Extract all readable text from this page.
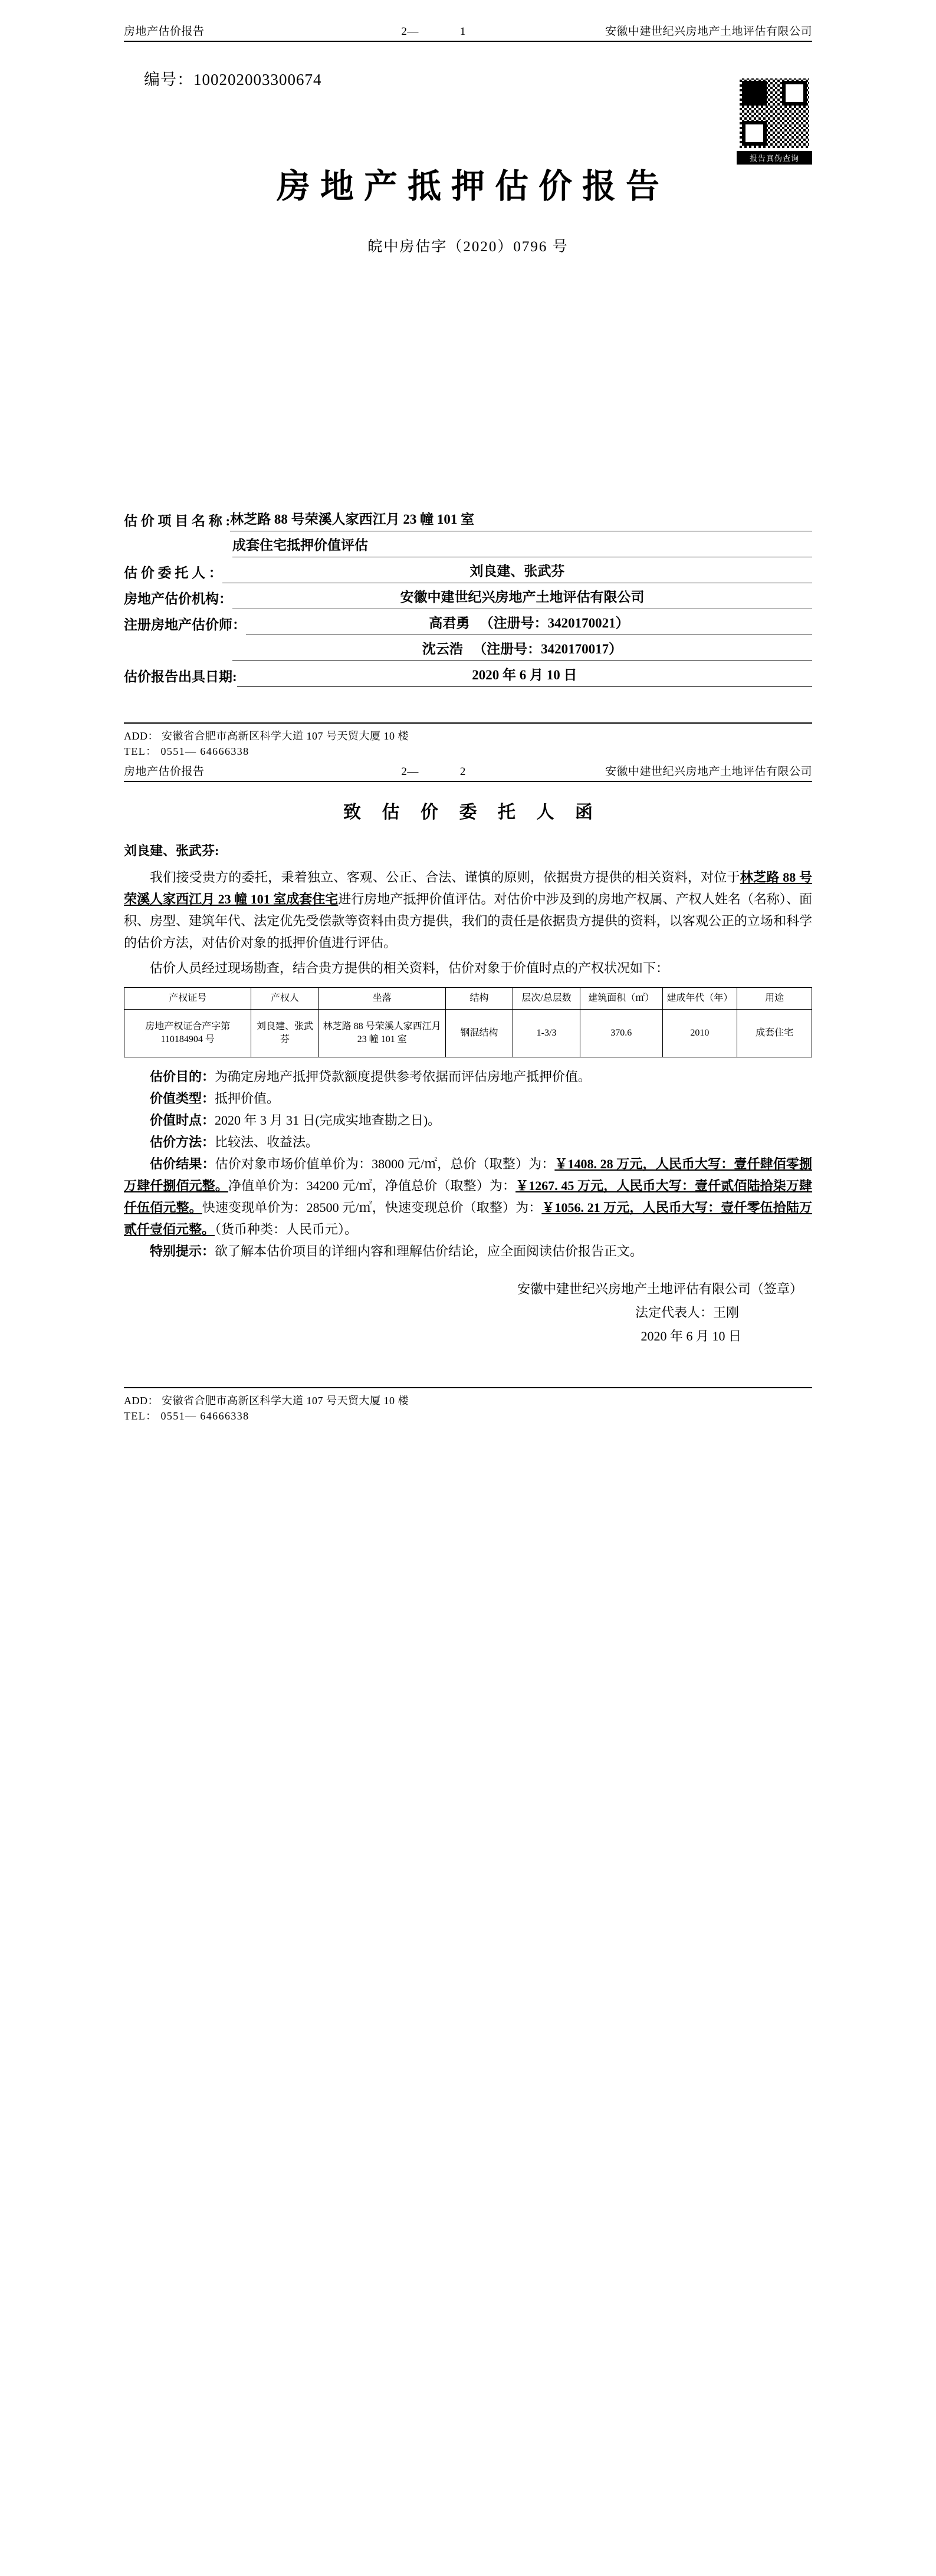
房地产估价报告	2—	1	安徽中建世纪兴房地产土地评估有限公司
编号：100202003300674
报告真伪查询
房地产抵押估价报告
皖中房估字（2020）0796 号
估 价 项 目 名 称 : 林芝路 88 号荣溪人家西江月 23 幢 101 室
成套住宅抵押价值评估
估 价 委 托 人 ：	刘良建、张武芬
房地产估价机构：	安徽中建世纪兴房地产土地评估有限公司
注册房地产估价师：	高君勇 　（注册号：3420170021）
沈云浩 　（注册号：3420170017）
估价报告出具日期:	2020 年 6 月 10 日
ADD： 安徽省合肥市高新区科学大道 107 号天贸大厦 10 楼
TEL： 0551— 64666338
房地产估价报告	2—	2	安徽中建世纪兴房地产土地评估有限公司
致 估 价 委 托 人 函
刘良建、张武芬:

我们接受贵方的委托，秉着独立、客观、公正、合法、谨慎的原则，依据贵方提供的相关资料，对位于林芝路 88 号荣溪人家西江月 23 幢 101 室成套住宅进行房地产抵押价值评估。对估价中涉及到的房地产权属、产权人姓名（名称）、面积、房型、建筑年代、法定优先受偿款等资料由贵方提供，我们的责任是依据贵方提供的资料，以客观公正的立场和科学的估价方法，对估价对象的抵押价值进行评估。

估价人员经过现场勘查，结合贵方提供的相关资料，估价对象于价值时点的产权状况如下：

产权证号	产权人	坐落	结构	层次/总层数	建筑面积（㎡）	建成年代（年）	用途
房地产权证合产字第110184904 号	刘良建、张武芬	林芝路 88 号荣溪人家西江月 23 幢 101 室	钢混结构	1-3/3	370.6	2010	成套住宅

估价目的：为确定房地产抵押贷款额度提供参考依据而评估房地产抵押价值。

价值类型：抵押价值。

价值时点：2020 年 3 月 31 日(完成实地查勘之日)。

估价方法：比较法、收益法。

估价结果：估价对象市场价值单价为：38000 元/㎡，总价（取整）为：￥1408. 28 万元，人民币大写：壹仟肆佰零捌万肆仟捌佰元整。净值单价为：34200 元/㎡，净值总价（取整）为：￥1267. 45 万元，人民币大写：壹仟贰佰陆拾柒万肆仟伍佰元整。快速变现单价为：28500 元/㎡，快速变现总价（取整）为：￥1056. 21 万元，人民币大写：壹仟零伍拾陆万贰仟壹佰元整。（货币种类：人民币元）。

特别提示：欲了解本估价项目的详细内容和理解估价结论，应全面阅读估价报告正文。

安徽中建世纪兴房地产土地评估有限公司（签章）
法定代表人：王刚
2020 年 6 月 10 日
ADD： 安徽省合肥市高新区科学大道 107 号天贸大厦 10 楼
TEL： 0551— 64666338
